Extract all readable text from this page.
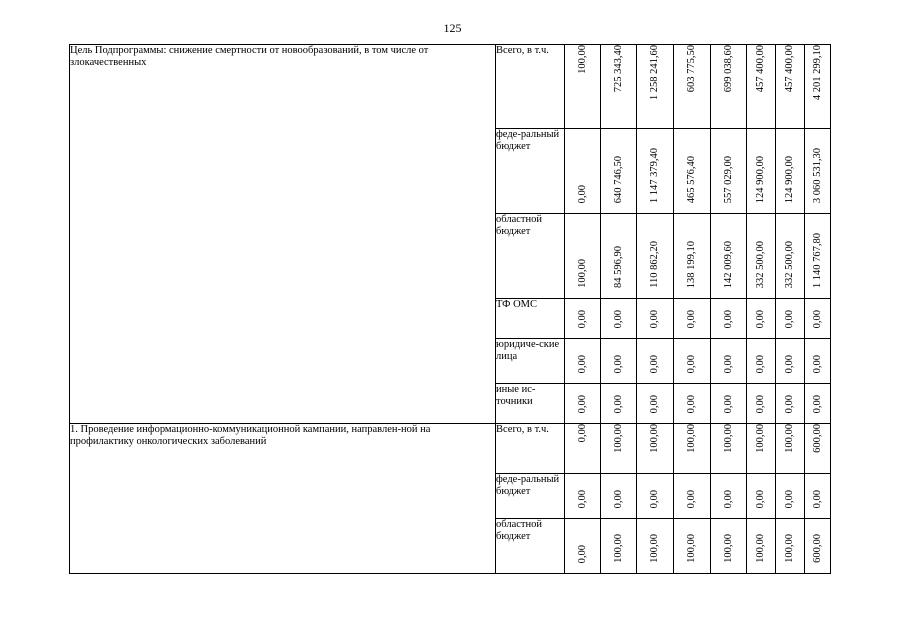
125
Цель Подпрограммы: снижение смертности от новообразований, в том числе от злокачественных	Всего, в т.ч.	100,00	725 343,40	1 258 241,60	603 775,50	699 038,60	457 400,00	457 400,00	4 201 299,10
	феде-ральный бюджет	0,00	640 746,50	1 147 379,40	465 576,40	557 029,00	124 900,00	124 900,00	3 060 531,30
	областной бюджет	100,00	84 596,90	110 862,20	138 199,10	142 009,60	332 500,00	332 500,00	1 140 767,80
	ТФ ОМС	0,00	0,00	0,00	0,00	0,00	0,00	0,00	0,00
	юридиче-ские лица	0,00	0,00	0,00	0,00	0,00	0,00	0,00	0,00
	иные ис-точники	0,00	0,00	0,00	0,00	0,00	0,00	0,00	0,00
1. Проведение информационно-коммуникационной кампании, направлен-ной на профилактику онкологических заболеваний	Всего, в т.ч.	0,00	100,00	100,00	100,00	100,00	100,00	100,00	600,00
	феде-ральный бюджет	0,00	0,00	0,00	0,00	0,00	0,00	0,00	0,00
	областной бюджет	0,00	100,00	100,00	100,00	100,00	100,00	100,00	600,00
